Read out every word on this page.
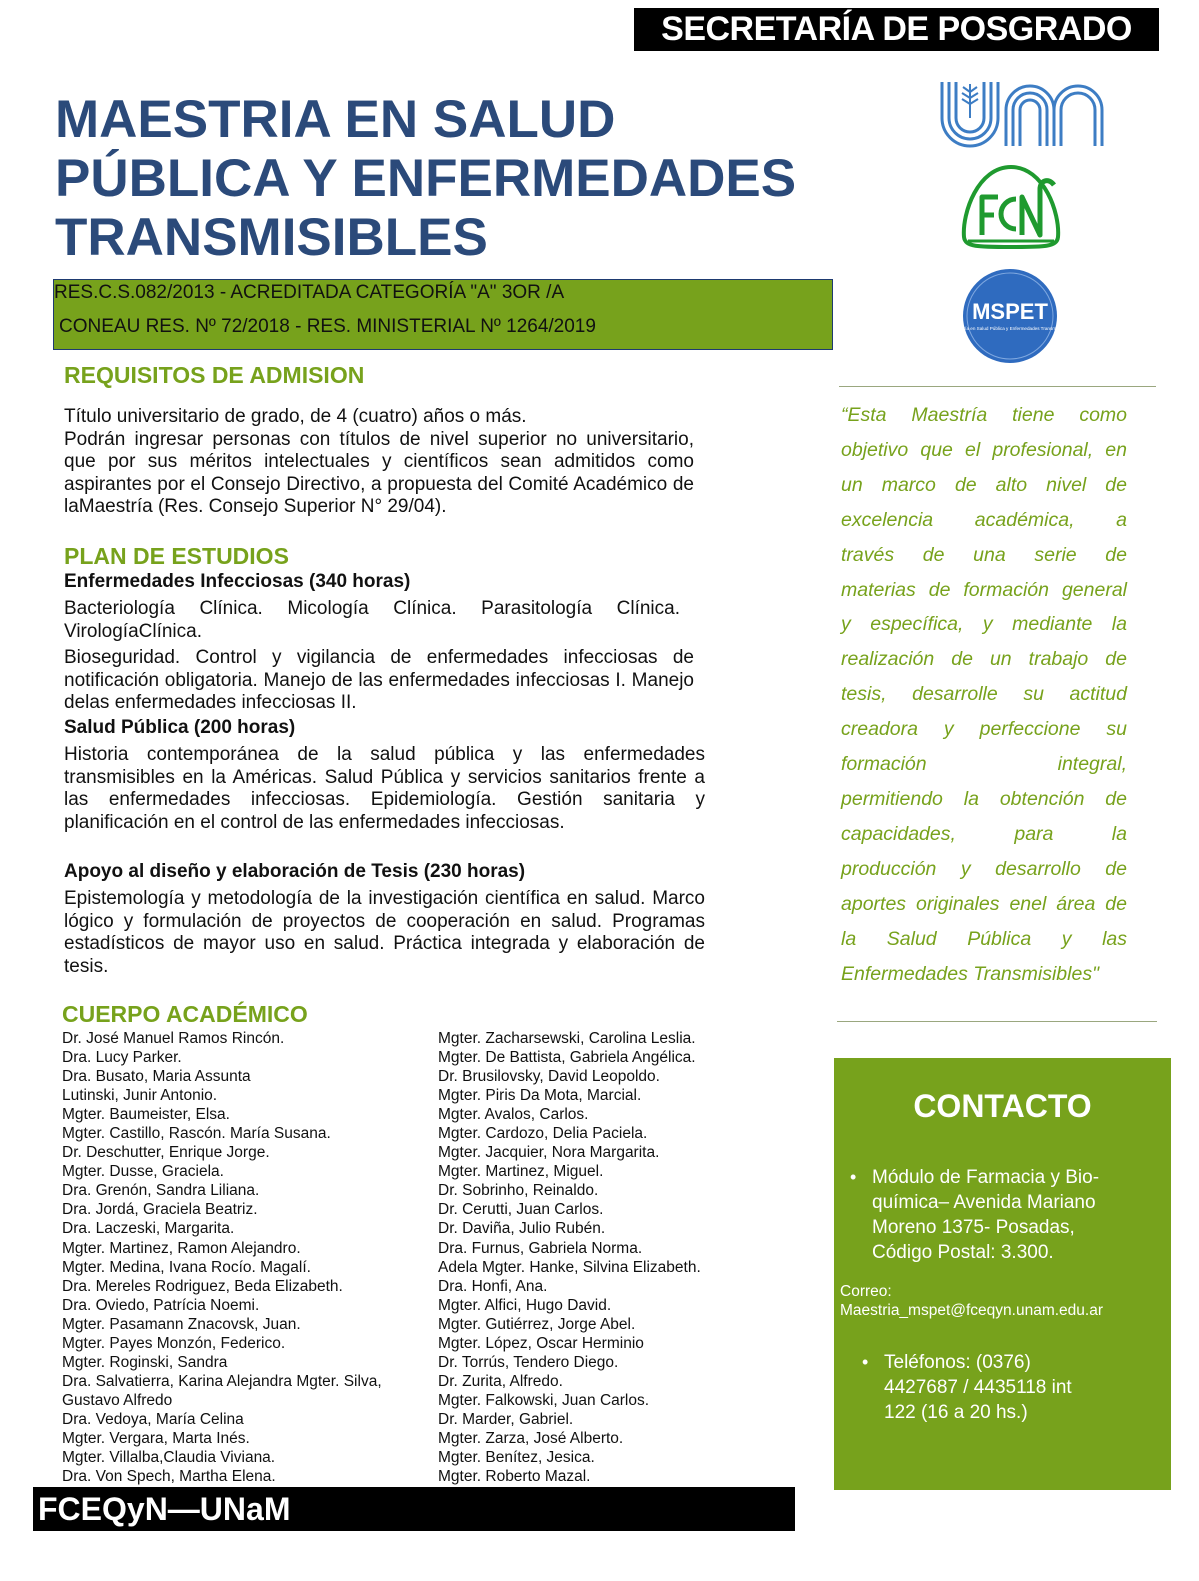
SECRETARÍA DE POSGRADO
MAESTRIA EN SALUD
PÚBLICA Y ENFERMEDADES
TRANSMISIBLES
RES.C.S.082/2013 - ACREDITADA CATEGORÍA "A" 3OR /A
CONEAU RES. Nº 72/2018 - RES. MINISTERIAL Nº 1264/2019
MSPET
Maestría en Salud Pública y Enfermedades Transmisibles
REQUISITOS DE ADMISION

Título universitario de grado, de 4 (cuatro) años o más.

Podrán ingresar personas con títulos de nivel superior no universitario, que por sus méritos intelectuales y científicos sean admitidos como aspirantes por el Consejo Directivo, a propuesta del Comité Académico de laMaestría (Res. Consejo Superior N° 29/04).

PLAN DE ESTUDIOS
Enfermedades Infecciosas (340 horas)
Bacteriología Clínica. Micología Clínica. Parasitología Clínica. VirologíaClínica.
Bioseguridad. Control y vigilancia de enfermedades infecciosas de notificación obligatoria. Manejo de las enfermedades infecciosas I. Manejo delas enfermedades infecciosas II.
Salud Pública (200 horas)
Historia contemporánea de la salud pública y las enfermedades transmisibles en la Américas. Salud Pública y servicios sanitarios frente a las enfermedades infecciosas. Epidemiología. Gestión sanitaria y planificación en el control de las enfermedades infecciosas.
Apoyo al diseño y elaboración de Tesis (230 horas)
Epistemología y metodología de la investigación científica en salud. Marco lógico y formulación de proyectos de cooperación en salud. Programas estadísticos de mayor uso en salud. Práctica integrada y elaboración de tesis.
CUERPO ACADÉMICO
Dr. José Manuel Ramos Rincón.
Dra. Lucy Parker.
Dra. Busato, Maria Assunta
Lutinski, Junir Antonio.
Mgter. Baumeister, Elsa.
Mgter. Castillo, Rascón. María Susana.
Dr. Deschutter, Enrique Jorge.
Mgter. Dusse, Graciela.
Dra. Grenón, Sandra Liliana.
Dra. Jordá, Graciela Beatriz.
Dra. Laczeski, Margarita.
Mgter. Martinez, Ramon Alejandro.
Mgter. Medina, Ivana Rocío. Magalí.
Dra. Mereles Rodriguez, Beda Elizabeth.
Dra. Oviedo, Patrícia Noemi.
Mgter. Pasamann Znacovsk, Juan.
Mgter. Payes Monzón, Federico.
Mgter. Roginski, Sandra
Dra. Salvatierra, Karina Alejandra Mgter. Silva,
Gustavo Alfredo
Dra. Vedoya, María Celina
Mgter. Vergara, Marta Inés.
Mgter. Villalba,Claudia Viviana.
Dra. Von Spech, Martha Elena.
Mgter. Zacharsewski, Carolina Leslia.
Mgter. De Battista, Gabriela Angélica.
Dr. Brusilovsky, David Leopoldo.
Mgter. Piris Da Mota, Marcial.
Mgter. Avalos, Carlos.
Mgter. Cardozo, Delia Paciela.
Mgter. Jacquier, Nora Margarita.
Mgter. Martinez, Miguel.
Dr. Sobrinho, Reinaldo.
Dr. Cerutti, Juan Carlos.
Dr. Daviña, Julio Rubén.
Dra. Furnus, Gabriela Norma.
Adela Mgter. Hanke, Silvina Elizabeth.
Dra. Honfi, Ana.
Mgter. Alfici, Hugo David.
Mgter. Gutiérrez, Jorge Abel.
Mgter. López, Oscar Herminio
Dr. Torrús, Tendero Diego.
Dr. Zurita, Alfredo.
Mgter. Falkowski, Juan Carlos.
Dr. Marder, Gabriel.
Mgter. Zarza, José Alberto.
Mgter. Benítez, Jesica.
Mgter. Roberto Mazal.
“Esta Maestría tiene como
objetivo que el profesional, en
un marco de alto nivel de
excelencia académica, a
través de una serie de
materias de formación general
y específica, y mediante la
realización de un trabajo de
tesis, desarrolle su actitud
creadora y perfeccione su
formación integral,
permitiendo la obtención de
capacidades, para la
producción y desarrollo de
aportes originales enel área de
la Salud Pública y las
Enfermedades Transmisibles"
CONTACTO
• Módulo de Farmacia y Bio-
química– Avenida Mariano
Moreno 1375- Posadas,
Código Postal: 3.300.
Correo:
Maestria_mspet@fceqyn.unam.edu.ar
• Teléfonos: (0376)
4427687 / 4435118 int
122 (16 a 20 hs.)
FCEQyN—UNaM
